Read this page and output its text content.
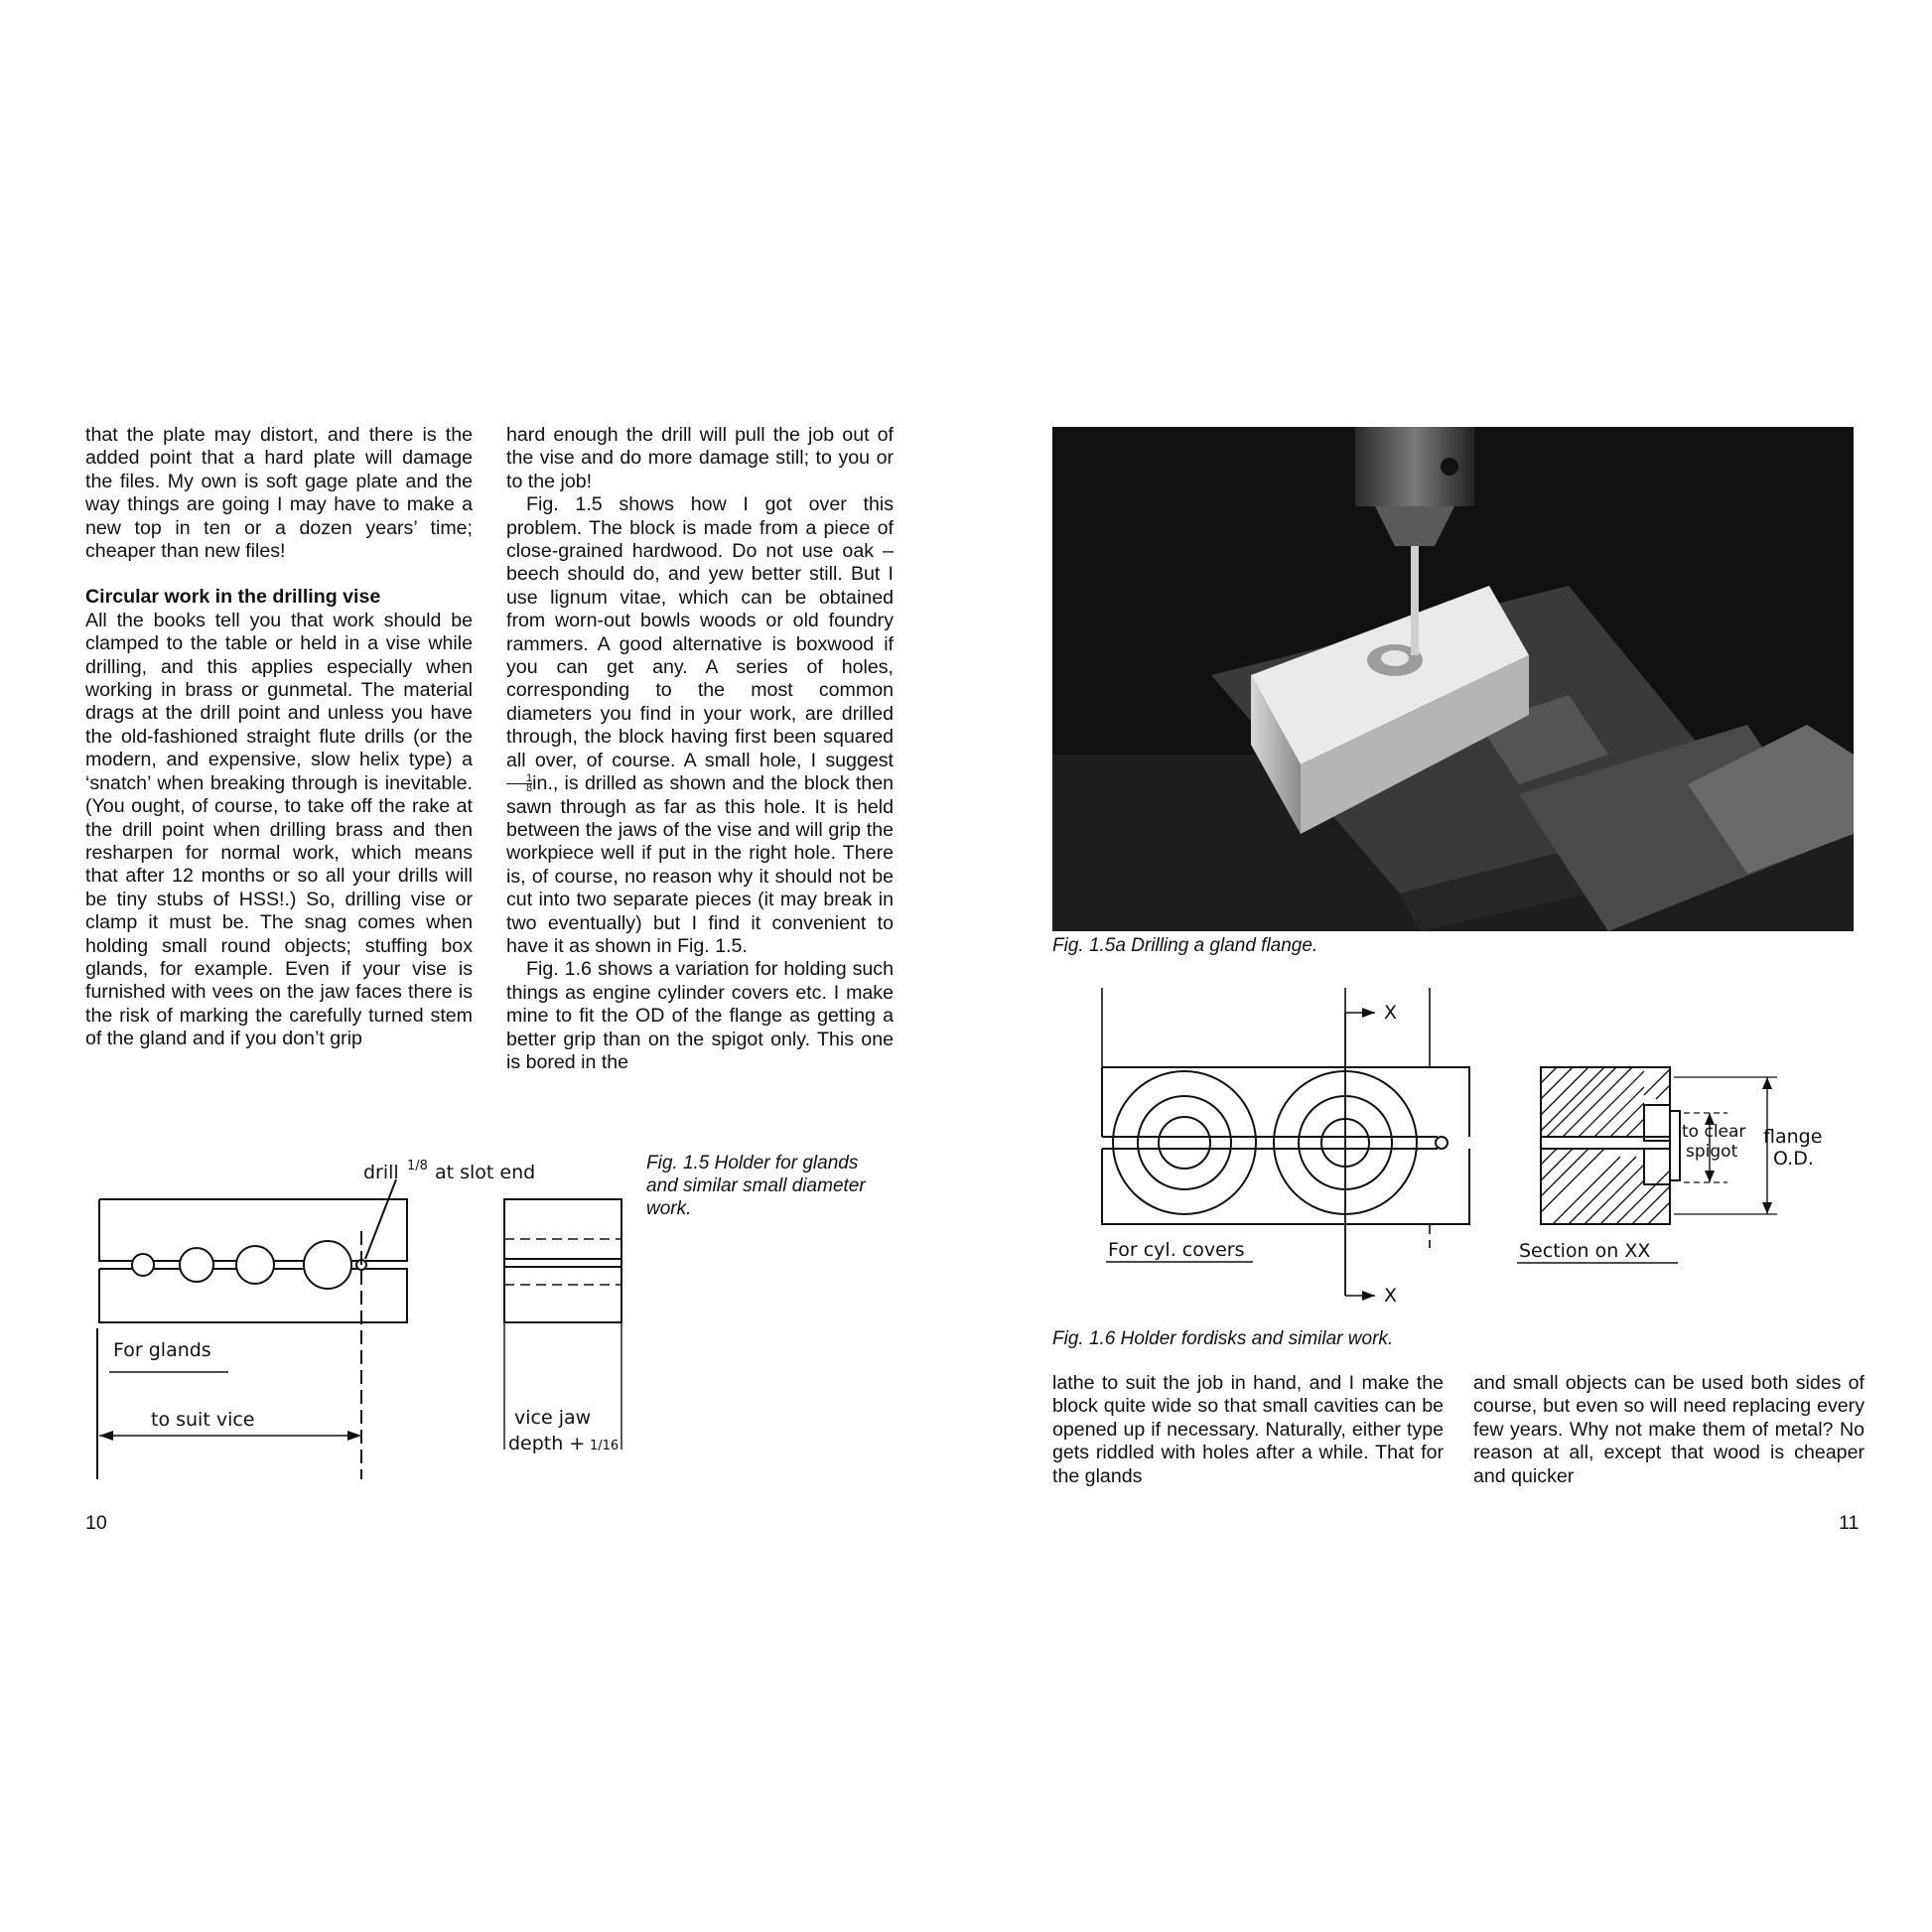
that the plate may distort, and there is the added point that a hard plate will damage the files. My own is soft gage plate and the way things are going I may have to make a new top in ten or a dozen years’ time; cheaper than new files!

Circular work in the drilling vise

All the books tell you that work should be clamped to the table or held in a vise while drilling, and this applies especially when working in brass or gunmetal. The material drags at the drill point and unless you have the old-fashioned straight flute drills (or the modern, and expensive, slow helix type) a ‘snatch’ when breaking through is inevitable. (You ought, of course, to take off the rake at the drill point when drilling brass and then resharpen for normal work, which means that after 12 months or so all your drills will be tiny stubs of HSS!.) So, drilling vise or clamp it must be. The snag comes when holding small round objects; stuffing box glands, for example. Even if your vise is furnished with vees on the jaw faces there is the risk of marking the carefully turned stem of the gland and if you don’t grip

hard enough the drill will pull the job out of the vise and do more damage still; to you or to the job!

Fig. 1.5 shows how I got over this problem. The block is made from a piece of close-grained hardwood. Do not use oak – beech should do, and yew better still. But I use lignum vitae, which can be obtained from worn-out bowls woods or old foundry rammers. A good alternative is boxwood if you can get any. A series of holes, corresponding to the most common diameters you find in your work, are drilled through, the block having first been squared all over, of course. A small hole, I suggest
$\frac{1}{8}$ in., is drilled as shown and the block then sawn through as far as this hole. It is held between the jaws of the vise and will grip the workpiece well if put in the right hole. There is, of course, no reason why it should not be cut into two separate pieces (it may break in two eventually) but I find it convenient to have it as shown in Fig. 1.5.

Fig. 1.6 shows a variation for holding such things as engine cylinder covers etc. I make mine to fit the OD of the flange as getting a better grip than on the spigot only. This one is bored in the

drill 1/8 at slot end
For glands
to suit vice	vice jaw
depth + 1/16
Fig. 1.5 Holder for glands and similar small diameter work.
10
Fig. 1.5a Drilling a gland flange.
X
X
For cyl. covers	Section on XX
to clear
spigot
flange
O.D.
Fig. 1.6 Holder fordisks and similar work.

lathe to suit the job in hand, and I make the block quite wide so that small cavities can be opened up if necessary. Naturally, either type gets riddled with holes after a while. That for the glands

and small objects can be used both sides of course, but even so will need replacing every few years. Why not make them of metal? No reason at all, except that wood is cheaper and quicker

11
